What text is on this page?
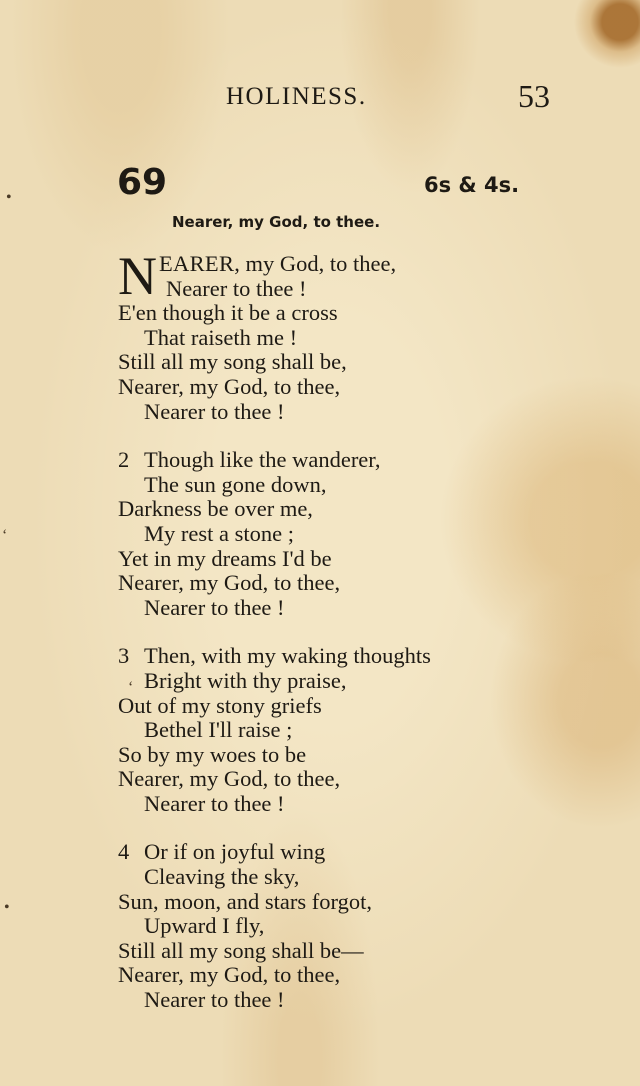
HOLINESS.	53
69	6s & 4s.
Nearer, my God, to thee.
NEARER, my God, to thee,
Nearer to thee !
E'en though it be a cross
That raiseth me !
Still all my song shall be,
Nearer, my God, to thee,
Nearer to thee !
2 Though like the wanderer,
The sun gone down,
Darkness be over me,
My rest a stone ;
Yet in my dreams I'd be
Nearer, my God, to thee,
Nearer to thee !
3 Then, with my waking thoughts
Bright with thy praise,
Out of my stony griefs
Bethel I'll raise ;
So by my woes to be
Nearer, my God, to thee,
Nearer to thee !
4 Or if on joyful wing
Cleaving the sky,
Sun, moon, and stars forgot,
Upward I fly,
Still all my song shall be—
Nearer, my God, to thee,
Nearer to thee !
•
‘
‘
•
